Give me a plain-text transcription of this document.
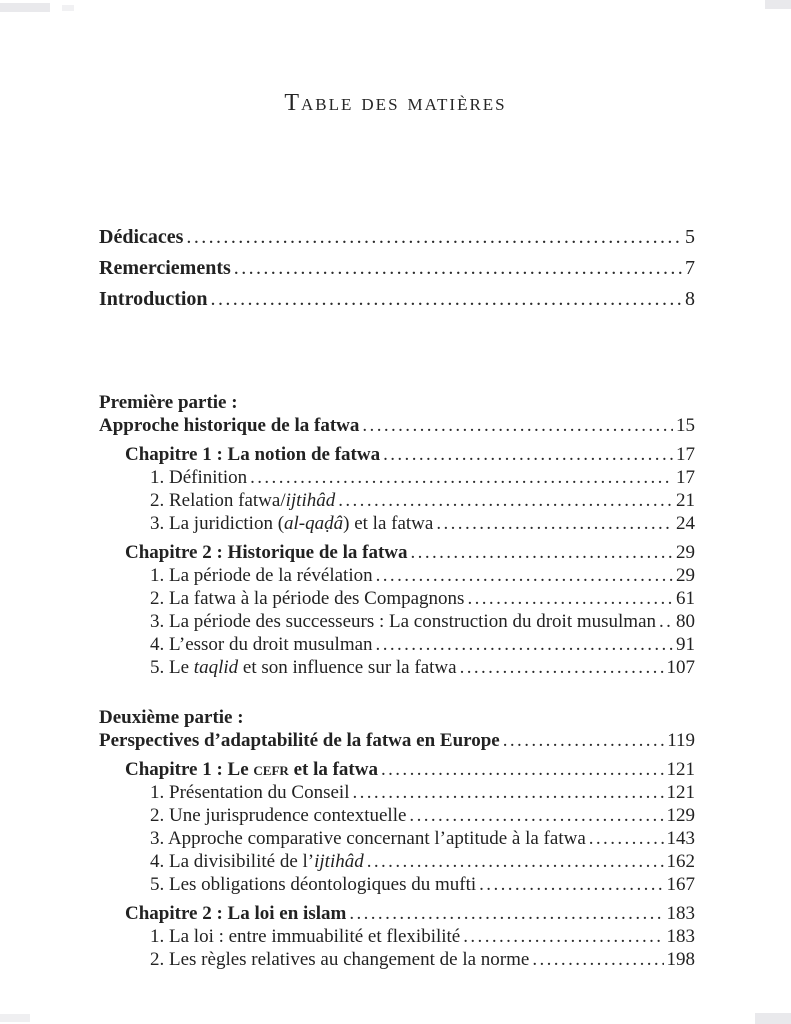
Table des matières
Dédicaces .....	5
Remerciements .....	7
Introduction .....	8
Première partie :
Approche historique de la fatwa .....	15
Chapitre 1 : La notion de fatwa .....	17
1. Définition .....	17
2. Relation fatwa/ijtihâd .....	21
3. La juridiction (al-qaḍâ) et la fatwa .....	24
Chapitre 2 : Historique de la fatwa .....	29
1. La période de la révélation .....	29
2. La fatwa à la période des Compagnons .....	61
3. La période des successeurs : La construction du droit musulman ..... 80
4. L’essor du droit musulman .....	91
5. Le taqlid et son influence sur la fatwa .....	107
Deuxième partie :
Perspectives d’adaptabilité de la fatwa en Europe .....	119
Chapitre 1 : Le cefr et la fatwa .....	121
1. Présentation du Conseil .....	121
2. Une jurisprudence contextuelle .....	129
3. Approche comparative concernant l’aptitude à la fatwa .....	143
4. La divisibilité de l’ijtihâd .....	162
5. Les obligations déontologiques du mufti .....	167
Chapitre 2 : La loi en islam .....	183
1. La loi : entre immuabilité et flexibilité .....	183
2. Les règles relatives au changement de la norme .....	198
